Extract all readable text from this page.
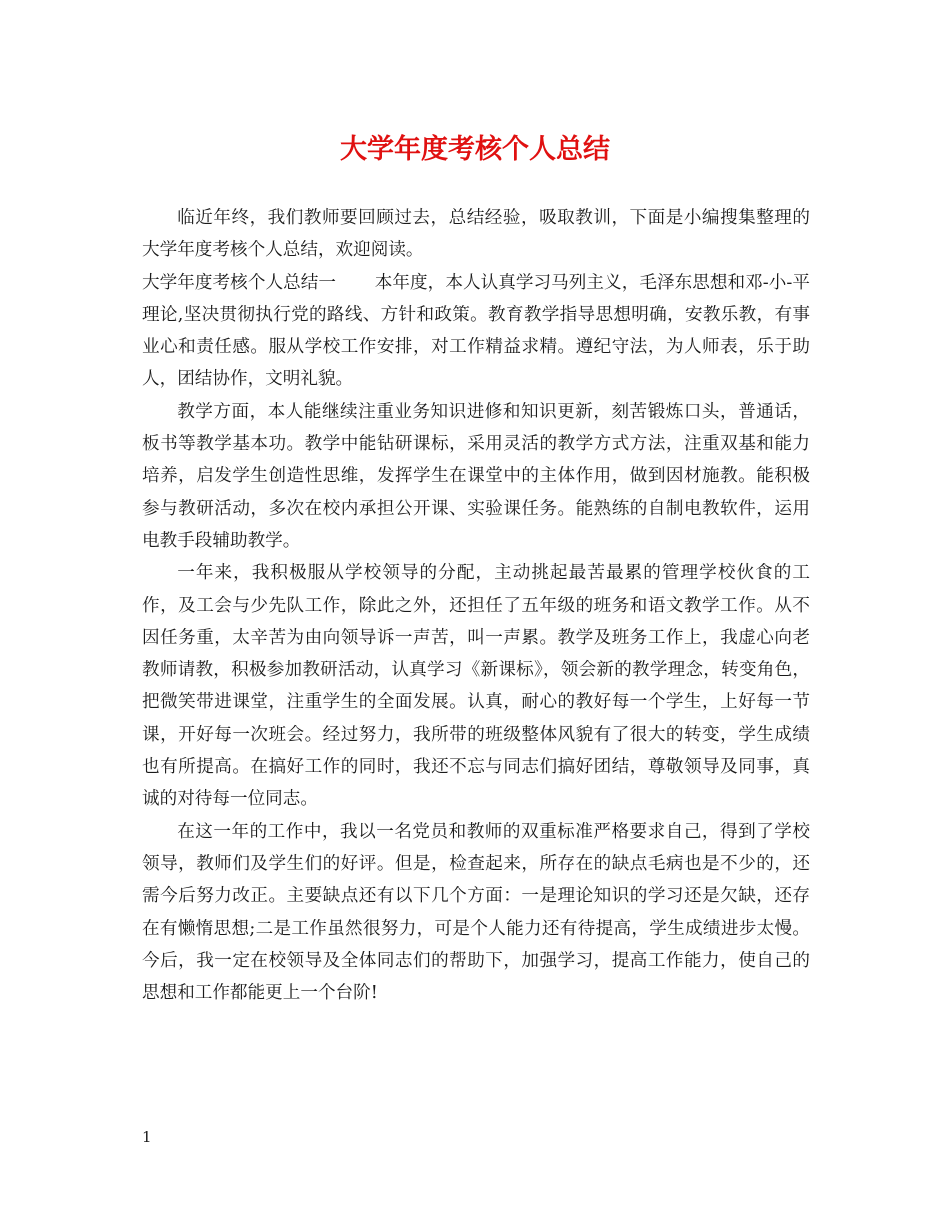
大学年度考核个人总结

临近年终，我们教师要回顾过去，总结经验，吸取教训，下面是小编搜集整理的大学年度考核个人总结，欢迎阅读。

大学年度考核个人总结一 本年度，本人认真学习马列主义，毛泽东思想和邓-小-平理论,坚决贯彻执行党的路线、方针和政策。教育教学指导思想明确，安教乐教，有事业心和责任感。服从学校工作安排，对工作精益求精。遵纪守法，为人师表，乐于助人，团结协作，文明礼貌。

教学方面，本人能继续注重业务知识进修和知识更新，刻苦锻炼口头，普通话，板书等教学基本功。教学中能钻研课标，采用灵活的教学方式方法，注重双基和能力培养，启发学生创造性思维，发挥学生在课堂中的主体作用，做到因材施教。能积极参与教研活动，多次在校内承担公开课、实验课任务。能熟练的自制电教软件，运用电教手段辅助教学。

一年来，我积极服从学校领导的分配，主动挑起最苦最累的管理学校伙食的工作，及工会与少先队工作，除此之外，还担任了五年级的班务和语文教学工作。从不因任务重，太辛苦为由向领导诉一声苦，叫一声累。教学及班务工作上，我虚心向老教师请教，积极参加教研活动，认真学习《新课标》，领会新的教学理念，转变角色，把微笑带进课堂，注重学生的全面发展。认真，耐心的教好每一个学生，上好每一节课，开好每一次班会。经过努力，我所带的班级整体风貌有了很大的转变，学生成绩也有所提高。在搞好工作的同时，我还不忘与同志们搞好团结，尊敬领导及同事，真诚的对待每一位同志。

在这一年的工作中，我以一名党员和教师的双重标准严格要求自己，得到了学校领导，教师们及学生们的好评。但是，检查起来，所存在的缺点毛病也是不少的，还需今后努力改正。主要缺点还有以下几个方面：一是理论知识的学习还是欠缺，还存在有懒惰思想;二是工作虽然很努力，可是个人能力还有待提高，学生成绩进步太慢。今后，我一定在校领导及全体同志们的帮助下，加强学习，提高工作能力，使自己的思想和工作都能更上一个台阶!

1
